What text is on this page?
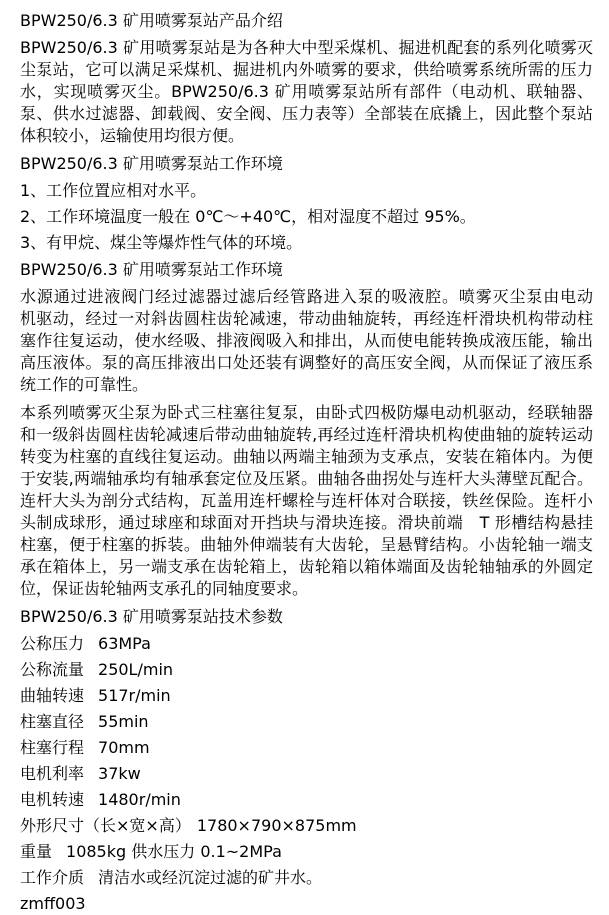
BPW250/6.3 矿用喷雾泵站产品介绍

BPW250/6.3 矿用喷雾泵站是为各种大中型采煤机、掘进机配套的系列化喷雾灭尘泵站，它可以满足采煤机、掘进机内外喷雾的要求，供给喷雾系统所需的压力水，实现喷雾灭尘。BPW250/6.3 矿用喷雾泵站所有部件（电动机、联轴器、泵、供水过滤器、卸载阀、安全阀、压力表等）全部装在底撬上，因此整个泵站体积较小，运输使用均很方便。

BPW250/6.3 矿用喷雾泵站工作环境
1、工作位置应相对水平。
2、工作环境温度一般在 0℃～+40℃，相对湿度不超过 95%。
3、有甲烷、煤尘等爆炸性气体的环境。
BPW250/6.3 矿用喷雾泵站工作环境

水源通过进液阀门经过滤器过滤后经管路进入泵的吸液腔。喷雾灭尘泵由电动　机驱动，经过一对斜齿圆柱齿轮减速，带动曲轴旋转，再经连杆滑块机构带动柱塞作往复运动，使水经吸、排液阀吸入和排出，从而使电能转换成液压能，输出高压液体。泵的高压排液出口处还装有调整好的高压安全阀，从而保证了液压系统工作的可靠性。

本系列喷雾灭尘泵为卧式三柱塞往复泵，由卧式四极防爆电动机驱动，经联轴器和一级斜齿圆柱齿轮减速后带动曲轴旋转,再经过连杆滑块机构使曲轴的旋转运动转变为柱塞的直线往复运动。曲轴以两端主轴颈为支承点，安装在箱体内。为便于安装,两端轴承均有轴承套定位及压紧。曲轴各曲拐处与连杆大头薄壁瓦配合。连杆大头为剖分式结构，瓦盖用连杆螺栓与连杆体对合联接，铁丝保险。连杆小头制成球形，通过球座和球面对开挡块与滑块连接。滑块前端　T 形槽结构悬挂柱塞，便于柱塞的拆装。曲轴外伸端装有大齿轮，呈悬臂结构。小齿轮轴一端支承在箱体上，另一端支承在齿轮箱上，齿轮箱以箱体端面及齿轮轴轴承的外圆定位，保证齿轮轴两支承孔的同轴度要求。

BPW250/6.3 矿用喷雾泵站技术参数
公称压力 63MPa
公称流量 250L/min
曲轴转速 517r/min
柱塞直径 55min
柱塞行程 70mm
电机利率 37kw
电机转速 1480r/min
外形尺寸（长×宽×高） 1780×790×875mm
重量 1085kg 供水压力 0.1~2MPa
工作介质 清洁水或经沉淀过滤的矿井水。
zmff003
